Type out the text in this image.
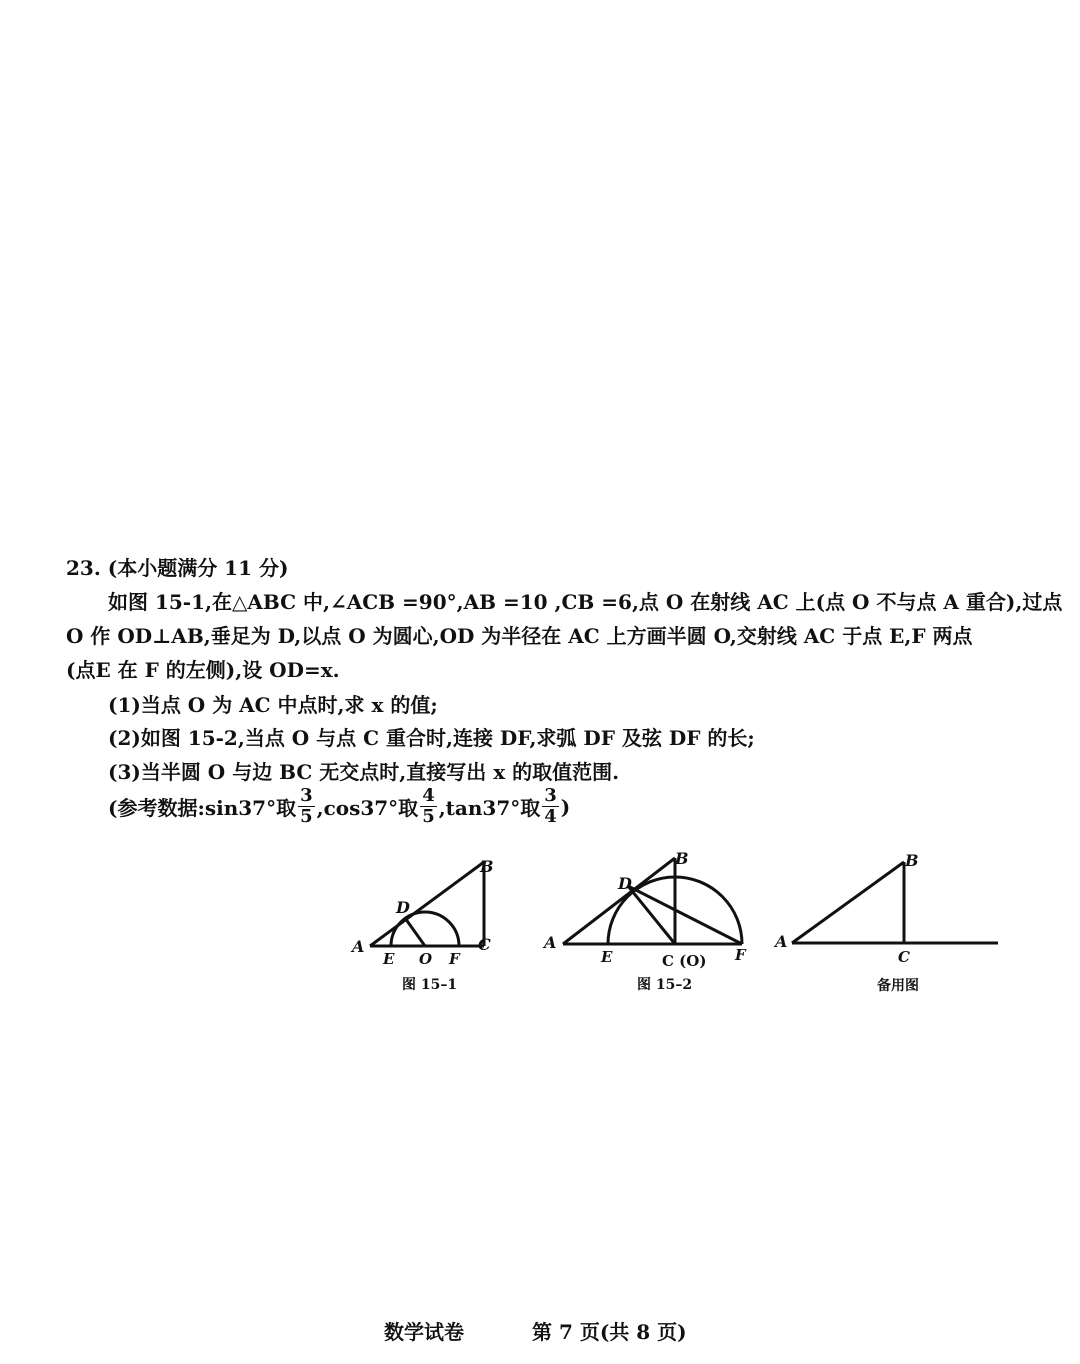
23. (本小题满分 11 分)
如图 15-1,在△ABC 中,∠ACB =90°,AB =10 ,CB =6,点 O 在射线 AC 上(点 O 不与点 A 重合),过点
O 作 OD⊥AB,垂足为 D,以点 O 为圆心,OD 为半径在 AC 上方画半圆 O,交射线 AC 于点 E,F 两点
(点E 在 F 的左侧),设 OD=x.
(1)当点 O 为 AC 中点时,求 x 的值;
(2)如图 15-2,当点 O 与点 C 重合时,连接 DF,求弧 DF 及弦 DF 的长;
(3)当半圆 O 与边 BC 无交点时,直接写出 x 的取值范围.
(参考数据:sin37°取 $\frac{3}{5} ,\cos 37^\circ$取 $\frac{4}{5} ,\tan 37^\circ$取 $\frac{3}{4}$ )
A
B
C
D
E O F
图 15–1
A
B
D
E	C (O) F
图 15–2
A
B
C
备用图
数学试卷	第 7 页(共 8 页)
